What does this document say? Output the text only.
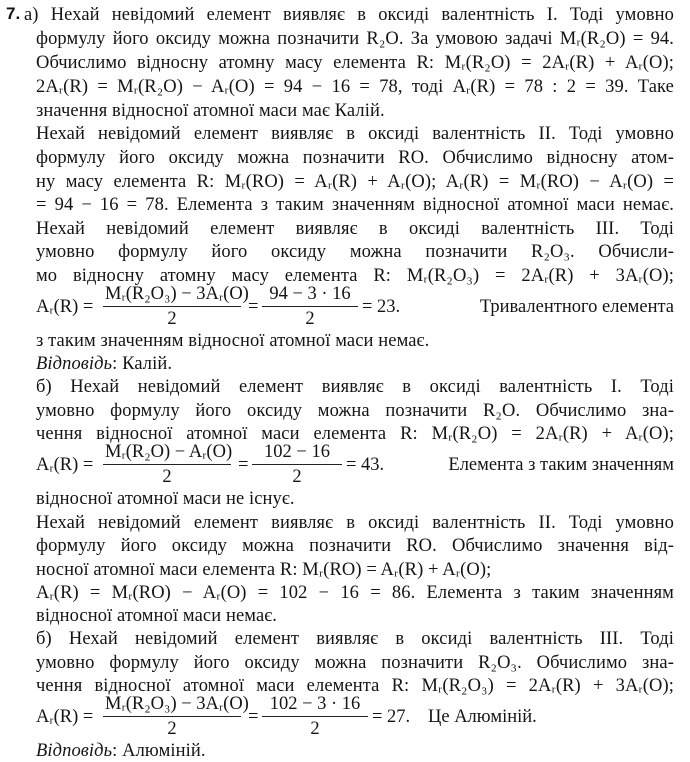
7. а) Нехай невідомий елемент виявляє в оксиді валентність I. Тоді умовно
формулу його оксиду можна позначити R₂O. За умовою задачі Mᵣ(R₂O) = 94.
Обчислимо відносну атомну масу елемента R: Mᵣ(R₂O) = 2Aᵣ(R) + Aᵣ(O);
2Aᵣ(R) = Mᵣ(R₂O) − Aᵣ(O) = 94 − 16 = 78, тоді Aᵣ(R) = 78 : 2 = 39. Таке
значення відносної атомної маси має Калій.
Нехай невідомий елемент виявляє в оксиді валентність II. Тоді умовно
формулу його оксиду можна позначити RO. Обчислимо відносну атом-
ну масу елемента R: Mᵣ(RO) = Aᵣ(R) + Aᵣ(O); Aᵣ(R) = Mᵣ(RO) − Aᵣ(O) =
= 94 − 16 = 78. Елемента з таким значенням відносної атомної маси немає.
Нехай невідомий елемент виявляє в оксиді валентність III. Тоді
умовно формулу його оксиду можна позначити R₂O₃. Обчисли-
мо відносну атомну масу елемента R: Mᵣ(R₂O₃) = 2Aᵣ(R) + 3Aᵣ(O);
Aᵣ(R) = $\frac{\text{Mᵣ(R₂O₃) − 3Aᵣ(O)}}{2} = \frac{94 - 3 \cdot 16}{2} = 23$.	Тривалентного елемента
з таким значенням відносної атомної маси немає.
Відповідь: Калій.
б) Нехай невідомий елемент виявляє в оксиді валентність I. Тоді
умовно формулу його оксиду можна позначити R₂O. Обчислимо зна-
чення відносної атомної маси елемента R: Mᵣ(R₂O) = 2Aᵣ(R) + Aᵣ(O);
Aᵣ(R) = $\frac{\text{Mᵣ(R₂O) − Aᵣ(O)}}{2} = \frac{102 - 16}{2} = 43$.	Елемента з таким значенням
відносної атомної маси не існує.
Нехай невідомий елемент виявляє в оксиді валентність II. Тоді умовно
формулу його оксиду можна позначити RO. Обчислимо значення від-
носної атомної маси елемента R: Mᵣ(RO) = Aᵣ(R) + Aᵣ(O);
Aᵣ(R) = Mᵣ(RO) − Aᵣ(O) = 102 − 16 = 86. Елемента з таким значенням
відносної атомної маси немає.
б) Нехай невідомий елемент виявляє в оксиді валентність III. Тоді
умовно формулу його оксиду можна позначити R₂O₃. Обчислимо зна-
чення відносної атомної маси елемента R: Mᵣ(R₂O₃) = 2Aᵣ(R) + 3Aᵣ(O);
Aᵣ(R) = $\frac{\text{Mᵣ(R₂O₃) − 3Aᵣ(O)}}{2} = \frac{102 - 3 \cdot 16}{2} = 27$. Це Алюміній.
Відповідь: Алюміній.
